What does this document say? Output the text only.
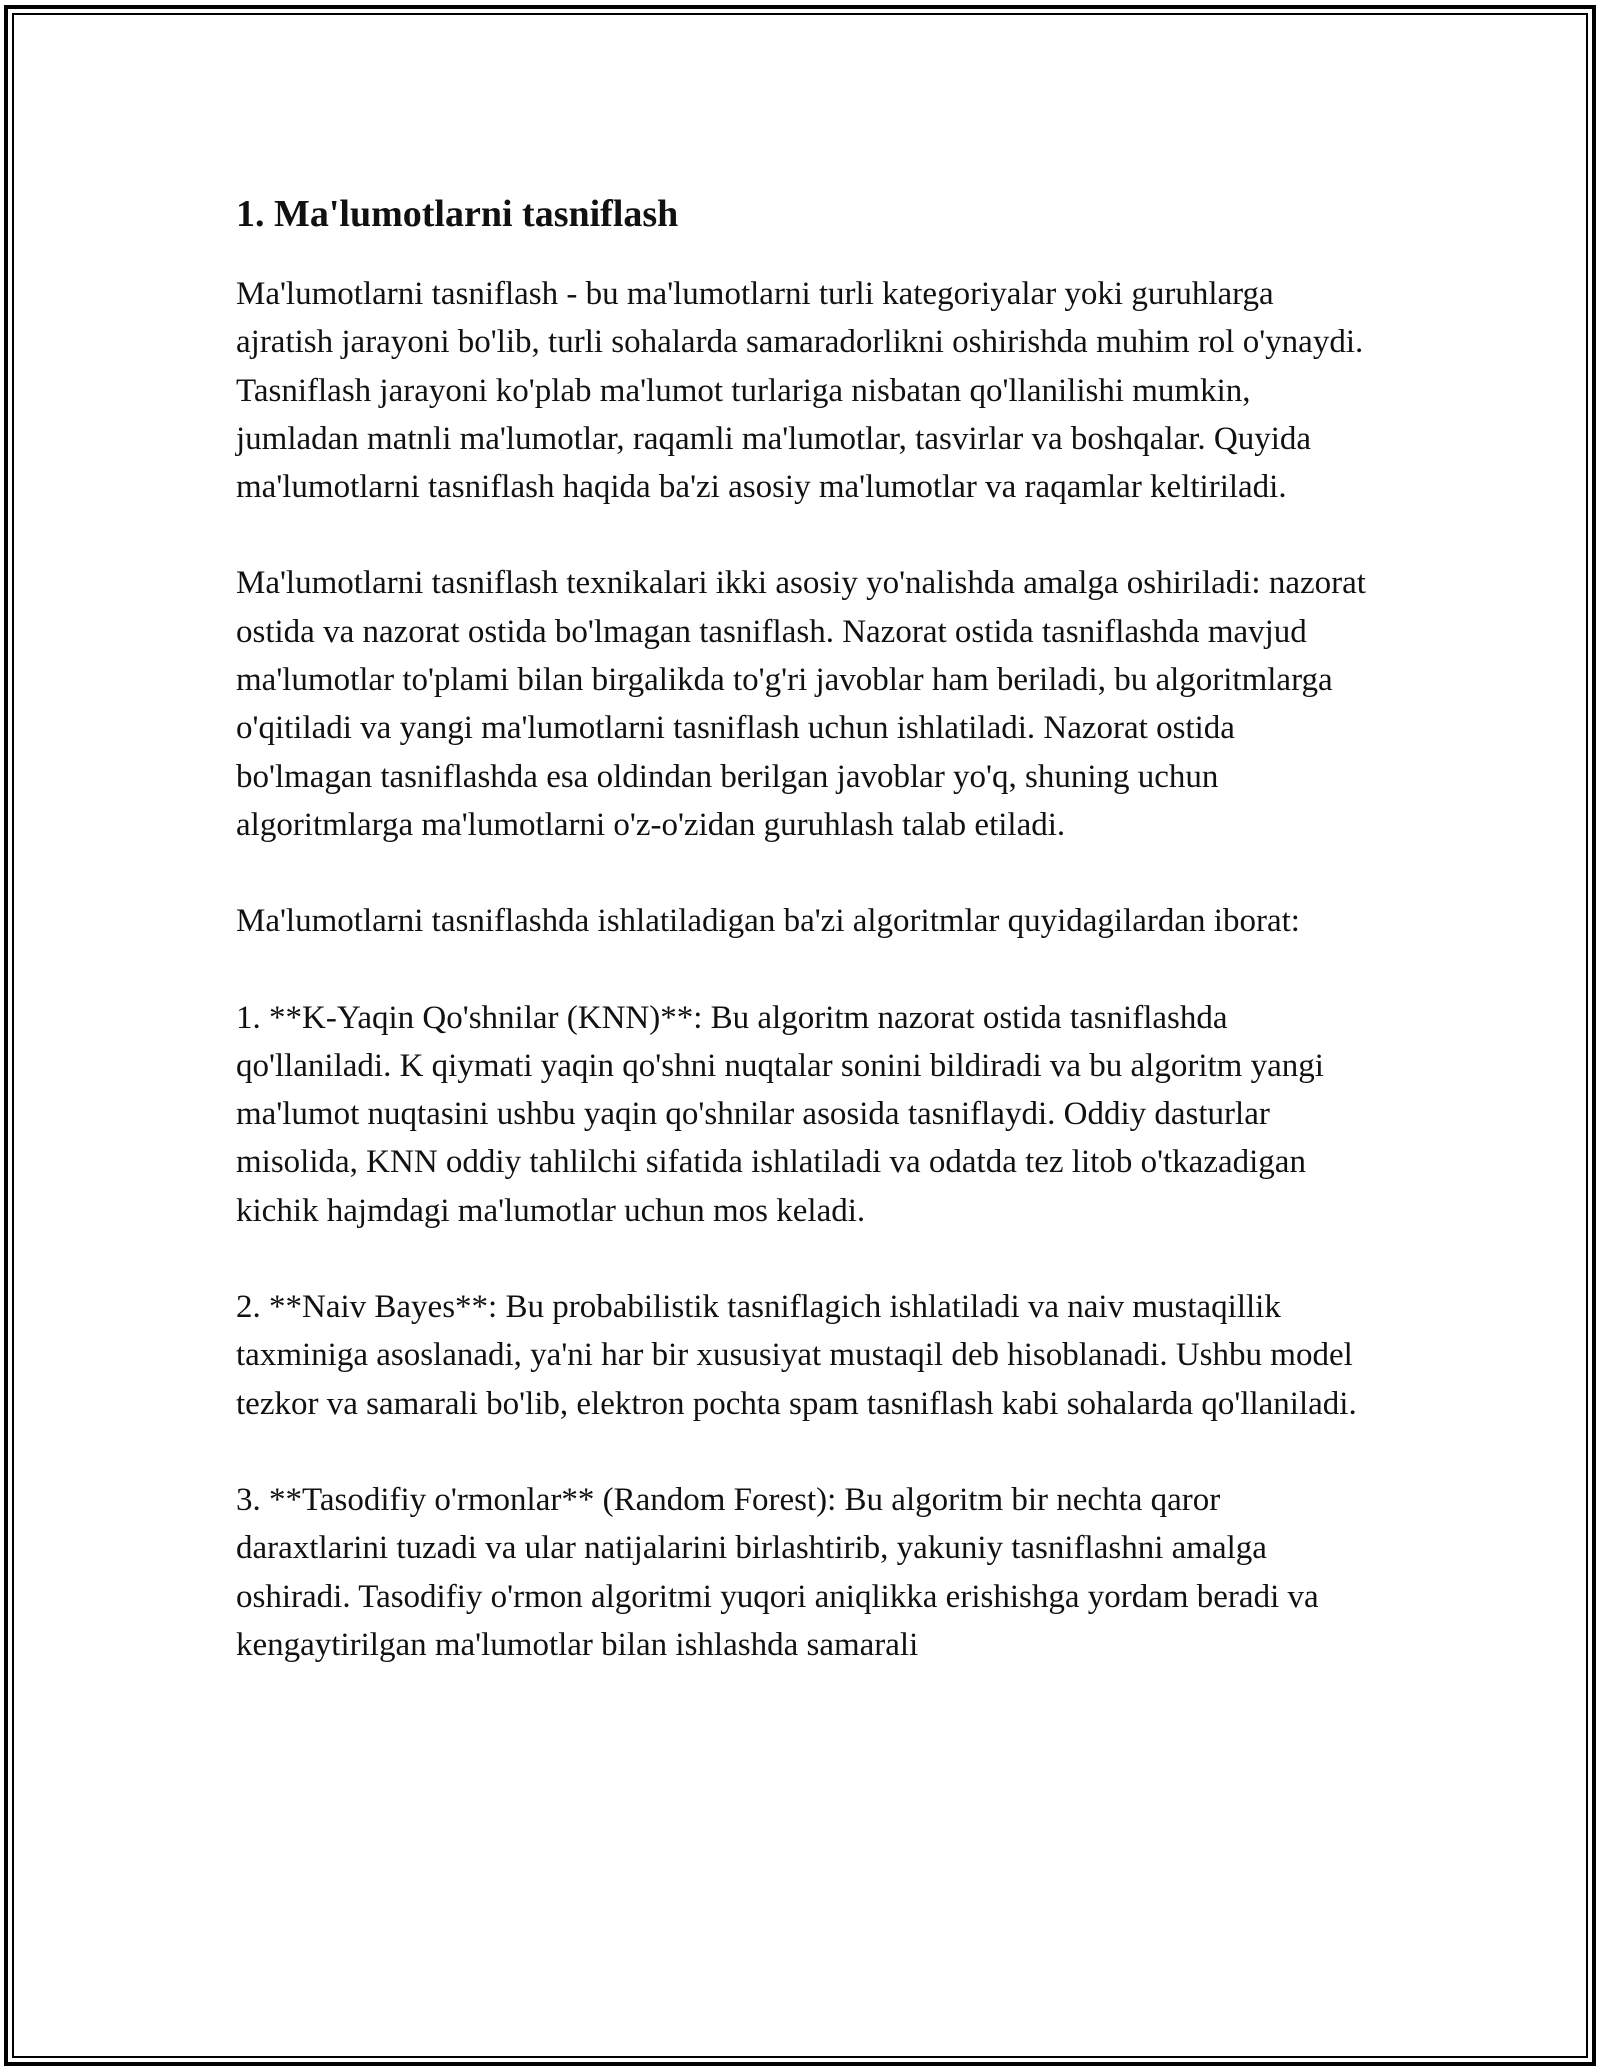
1. Ma'lumotlarni tasniflash

Ma'lumotlarni tasniflash - bu ma'lumotlarni turli kategoriyalar yoki guruhlarga ajratish jarayoni bo'lib, turli sohalarda samaradorlikni oshirishda muhim rol o'ynaydi. Tasniflash jarayoni ko'plab ma'lumot turlariga nisbatan qo'llanilishi mumkin, jumladan matnli ma'lumotlar, raqamli ma'lumotlar, tasvirlar va boshqalar. Quyida ma'lumotlarni tasniflash haqida ba'zi asosiy ma'lumotlar va raqamlar keltiriladi.

Ma'lumotlarni tasniflash texnikalari ikki asosiy yo'nalishda amalga oshiriladi: nazorat ostida va nazorat ostida bo'lmagan tasniflash. Nazorat ostida tasniflashda mavjud ma'lumotlar to'plami bilan birgalikda to'g'ri javoblar ham beriladi, bu algoritmlarga o'qitiladi va yangi ma'lumotlarni tasniflash uchun ishlatiladi. Nazorat ostida bo'lmagan tasniflashda esa oldindan berilgan javoblar yo'q, shuning uchun algoritmlarga ma'lumotlarni o'z-o'zidan guruhlash talab etiladi.

Ma'lumotlarni tasniflashda ishlatiladigan ba'zi algoritmlar quyidagilardan iborat:

1. **K-Yaqin Qo'shnilar (KNN)**: Bu algoritm nazorat ostida tasniflashda qo'llaniladi. K qiymati yaqin qo'shni nuqtalar sonini bildiradi va bu algoritm yangi ma'lumot nuqtasini ushbu yaqin qo'shnilar asosida tasniflaydi. Oddiy dasturlar misolida, KNN oddiy tahlilchi sifatida ishlatiladi va odatda tez litob o'tkazadigan kichik hajmdagi ma'lumotlar uchun mos keladi.

2. **Naiv Bayes**: Bu probabilistik tasniflagich ishlatiladi va naiv mustaqillik taxminiga asoslanadi, ya'ni har bir xususiyat mustaqil deb hisoblanadi. Ushbu model tezkor va samarali bo'lib, elektron pochta spam tasniflash kabi sohalarda qo'llaniladi.

3. **Tasodifiy o'rmonlar** (Random Forest): Bu algoritm bir nechta qaror daraxtlarini tuzadi va ular natijalarini birlashtirib, yakuniy tasniflashni amalga oshiradi. Tasodifiy o'rmon algoritmi yuqori aniqlikka erishishga yordam beradi va kengaytirilgan ma'lumotlar bilan ishlashda samarali
